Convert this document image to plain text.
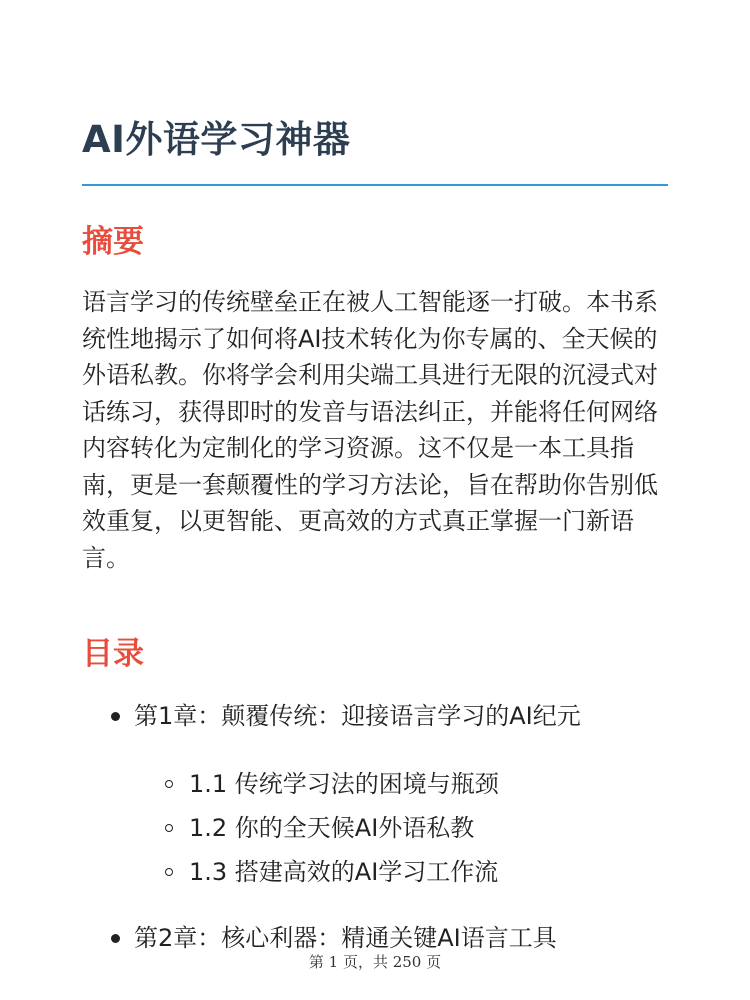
AI外语学习神器
摘要

语言学习的传统壁垒正在被人工智能逐一打破。本书系统性地揭示了如何将AI技术转化为你专属的、全天候的外语私教。你将学会利用尖端工具进行无限的沉浸式对话练习，获得即时的发音与语法纠正，并能将任何网络内容转化为定制化的学习资源。这不仅是一本工具指南，更是一套颠覆性的学习方法论，旨在帮助你告别低效重复，以更智能、更高效的方式真正掌握一门新语言。

目录
第1章：颠覆传统：迎接语言学习的AI纪元
1.1 传统学习法的困境与瓶颈
1.2 你的全天候AI外语私教
1.3 搭建高效的AI学习工作流
第2章：核心利器：精通关键AI语言工具
第 1 页，共 250 页
